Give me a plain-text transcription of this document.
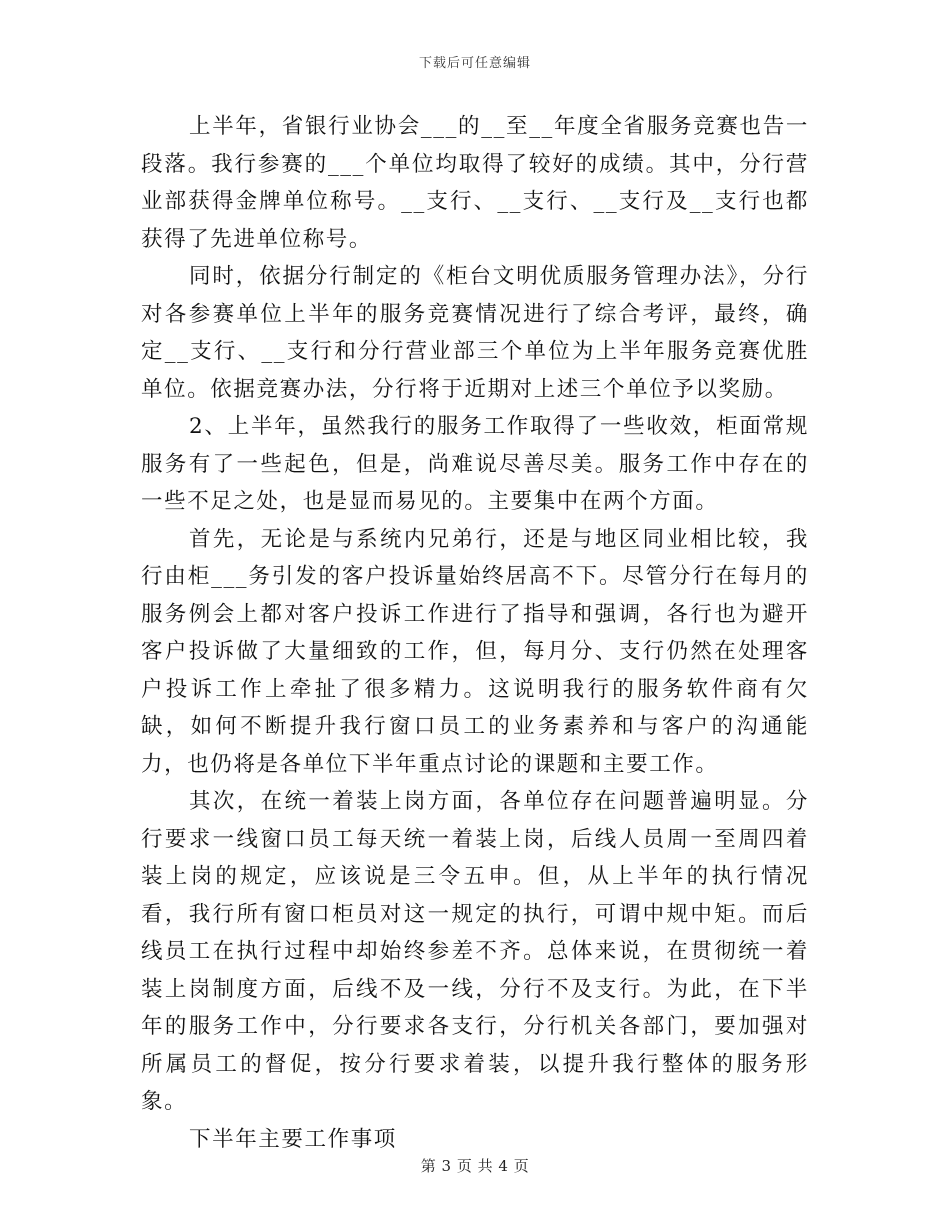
下载后可任意编辑

上半年，省银行业协会___的__至__年度全省服务竞赛也告一段落。我行参赛的___个单位均取得了较好的成绩。其中，分行营业部获得金牌单位称号。__支行、__支行、__支行及__支行也都获得了先进单位称号。

同时，依据分行制定的《柜台文明优质服务管理办法》，分行对各参赛单位上半年的服务竞赛情况进行了综合考评，最终，确定__支行、__支行和分行营业部三个单位为上半年服务竞赛优胜单位。依据竞赛办法，分行将于近期对上述三个单位予以奖励。

2、上半年，虽然我行的服务工作取得了一些收效，柜面常规服务有了一些起色，但是，尚难说尽善尽美。服务工作中存在的一些不足之处，也是显而易见的。主要集中在两个方面。

首先，无论是与系统内兄弟行，还是与地区同业相比较，我行由柜___务引发的客户投诉量始终居高不下。尽管分行在每月的服务例会上都对客户投诉工作进行了指导和强调，各行也为避开客户投诉做了大量细致的工作，但，每月分、支行仍然在处理客户投诉工作上牵扯了很多精力。这说明我行的服务软件商有欠缺，如何不断提升我行窗口员工的业务素养和与客户的沟通能力，也仍将是各单位下半年重点讨论的课题和主要工作。

其次，在统一着装上岗方面，各单位存在问题普遍明显。分行要求一线窗口员工每天统一着装上岗，后线人员周一至周四着装上岗的规定，应该说是三令五申。但，从上半年的执行情况看，我行所有窗口柜员对这一规定的执行，可谓中规中矩。而后线员工在执行过程中却始终参差不齐。总体来说，在贯彻统一着装上岗制度方面，后线不及一线，分行不及支行。为此，在下半年的服务工作中，分行要求各支行，分行机关各部门，要加强对所属员工的督促，按分行要求着装，以提升我行整体的服务形象。

下半年主要工作事项

第 3 页 共 4 页
